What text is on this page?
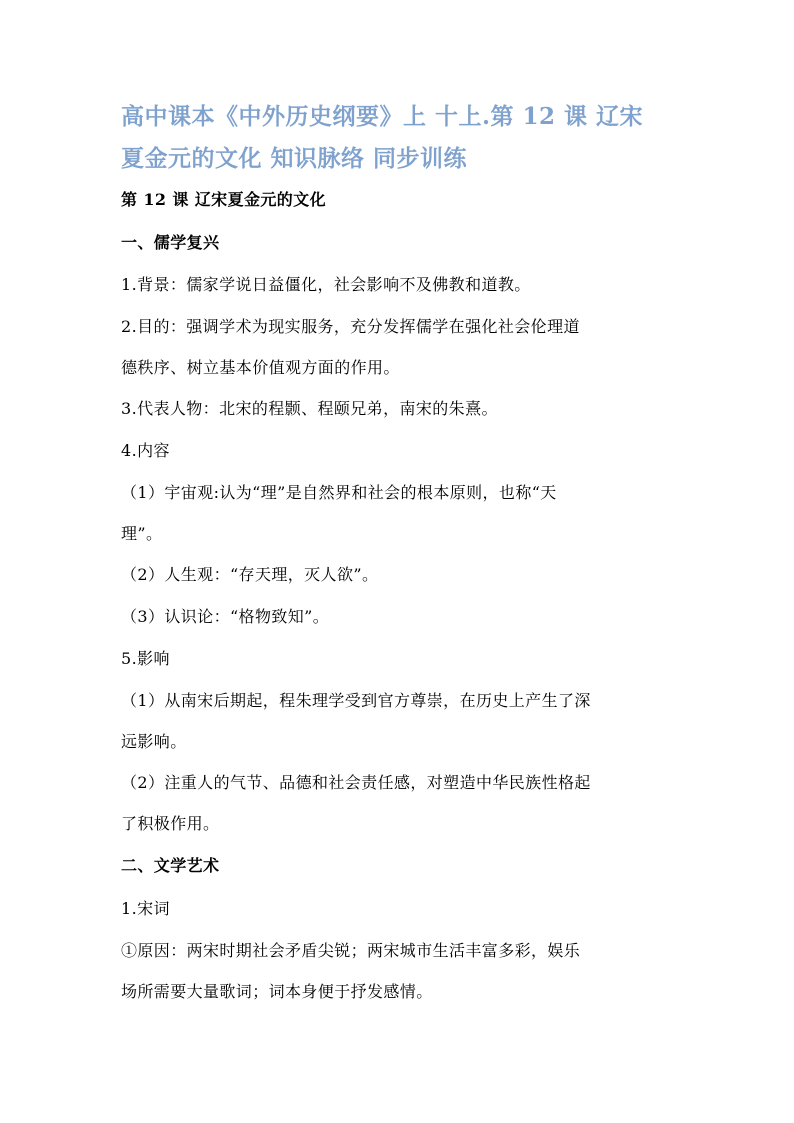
高中课本《中外历史纲要》上 十上.第 12 课 辽宋
夏金元的文化 知识脉络 同步训练
第 12 课 辽宋夏金元的文化
一、儒学复兴
1.背景：儒家学说日益僵化，社会影响不及佛教和道教。
2.目的：强调学术为现实服务，充分发挥儒学在强化社会伦理道
德秩序、树立基本价值观方面的作用。
3.代表人物：北宋的程颢、程颐兄弟，南宋的朱熹。
4.内容
（1）宇宙观:认为“理”是自然界和社会的根本原则，也称“天
理”。
（2）人生观：“存天理，灭人欲”。
（3）认识论：“格物致知”。
5.影响
（1）从南宋后期起，程朱理学受到官方尊崇，在历史上产生了深
远影响。
（2）注重人的气节、品德和社会责任感，对塑造中华民族性格起
了积极作用。
二、文学艺术
1.宋词
①原因：两宋时期社会矛盾尖锐；两宋城市生活丰富多彩，娱乐
场所需要大量歌词；词本身便于抒发感情。
